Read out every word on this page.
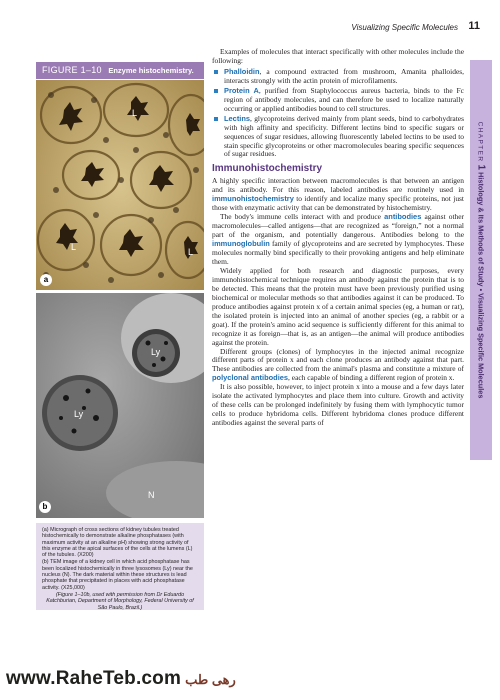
Visualizing Specific Molecules 11
FIGURE 1–10 Enzyme histochemistry.
L
L	L
a
Ly
Ly
N
b

(a) Micrograph of cross sections of kidney tubules treated histochemically to demonstrate alkaline phosphatases (with maximum activity at an alkaline pH) showing strong activity of this enzyme at the apical surfaces of the cells at the lumens (L) of the tubules. (X200)

(b) TEM image of a kidney cell in which acid phosphatase has been localized histochemically in three lysosomes (Ly) near the nucleus (N). The dark material within these structures is lead phosphate that precipitated in places with acid phosphatase activity. (X25,000)

(Figure 1–10b, used with permission from Dr Eduardo Katchburian, Department of Morphology, Federal University of São Paulo, Brazil.)

Examples of molecules that interact specifically with other molecules include the following:

Phalloidin, a compound extracted from mushroom, Amanita phalloides, interacts strongly with the actin protein of microfilaments.
Protein A, purified from Staphylococcus aureus bacteria, binds to the Fc region of antibody molecules, and can therefore be used to localize naturally occurring or applied antibodies bound to cell structures.
Lectins, glycoproteins derived mainly from plant seeds, bind to carbohydrates with high affinity and specificity. Different lectins bind to specific sugars or sequences of sugar residues, allowing fluorescently labeled lectins to be used to stain specific glycoproteins or other macromolecules bearing specific sequences of sugar residues.
Immunohistochemistry

A highly specific interaction between macromolecules is that between an antigen and its antibody. For this reason, labeled antibodies are routinely used in immunohistochemistry to identify and localize many specific proteins, not just those with enzymatic activity that can be demonstrated by histochemistry.

The body's immune cells interact with and produce antibodies against other macromolecules—called antigens—that are recognized as “foreign,” not a normal part of the organism, and potentially dangerous. Antibodies belong to the immunoglobulin family of glycoproteins and are secreted by lymphocytes. These molecules normally bind specifically to their provoking antigens and help eliminate them.

Widely applied for both research and diagnostic purposes, every immunohistochemical technique requires an antibody against the protein that is to be detected. This means that the protein must have been previously purified using biochemical or molecular methods so that antibodies against it can be produced. To produce antibodies against protein x of a certain animal species (eg, a human or rat), the isolated protein is injected into an animal of another species (eg, a rabbit or a goat). If the protein's amino acid sequence is sufficiently different for this animal to recognize it as foreign—that is, as an antigen—the animal will produce antibodies against the protein.

Different groups (clones) of lymphocytes in the injected animal recognize different parts of protein x and each clone produces an antibody against that part. These antibodies are collected from the animal's plasma and constitute a mixture of polyclonal antibodies, each capable of binding a different region of protein x.

It is also possible, however, to inject protein x into a mouse and a few days later isolate the activated lymphocytes and place them into culture. Growth and activity of these cells can be prolonged indefinitely by fusing them with lymphocytic tumor cells to produce hybridoma cells. Different hybridoma clones produce different antibodies against the several parts of

CHAPTER 1 Histology & Its Methods of Study ▪ Visualizing Specific Molecules
www.RaheTeb.com رهی طب
